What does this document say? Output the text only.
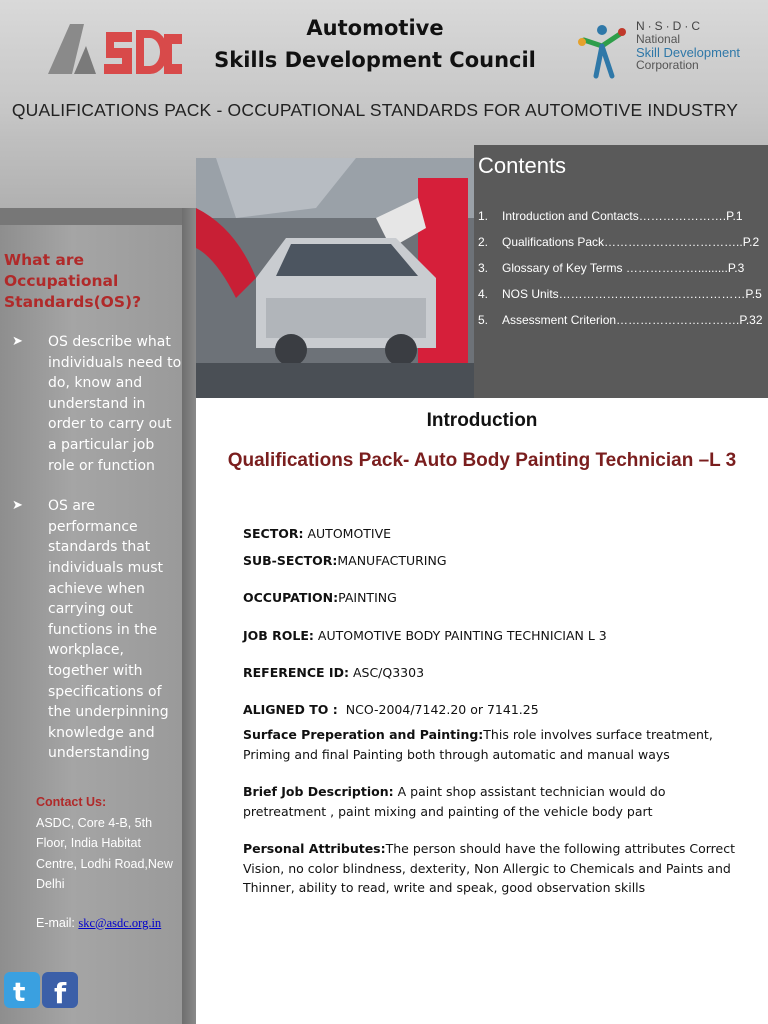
Automotive
Skills Development Council
N·S·D·C
National
Skill Development
Corporation
QUALIFICATIONS PACK - OCCUPATIONAL STANDARDS FOR AUTOMOTIVE INDUSTRY
Contents
1.	Introduction and Contacts………………….P.1
2.	Qualifications Pack……………………………..P.2
3.	Glossary of Key Terms ……………….........P.3
4.	NOS Units………………….………….…………P.5
5.	Assessment Criterion………………………….P.32
What are Occupational Standards(OS)?
➤ OS describe what individuals need to do, know and understand in order to carry out a particular job role or function
➤ OS are performance standards that individuals must achieve when carrying out functions in the workplace, together with specifications of the underpinning knowledge and understanding
Contact Us:
ASDC, Core 4-B, 5th Floor, India Habitat Centre, Lodhi Road,New Delhi
E-mail: skc@asdc.org.in
t f
Introduction
Qualifications Pack- Auto Body Painting Technician –L 3
SECTOR: AUTOMOTIVE
SUB-SECTOR:MANUFACTURING
OCCUPATION:PAINTING
JOB ROLE: AUTOMOTIVE BODY PAINTING TECHNICIAN L 3
REFERENCE ID: ASC/Q3303
ALIGNED TO : NCO-2004/7142.20 or 7141.25
Surface Preperation and Painting:This role involves surface treatment, Priming and final Painting both through automatic and manual ways
Brief Job Description: A paint shop assistant technician would do pretreatment , paint mixing and painting of the vehicle body part
Personal Attributes:The person should have the following attributes Correct Vision, no color blindness, dexterity, Non Allergic to Chemicals and Paints and Thinner, ability to read, write and speak, good observation skills
